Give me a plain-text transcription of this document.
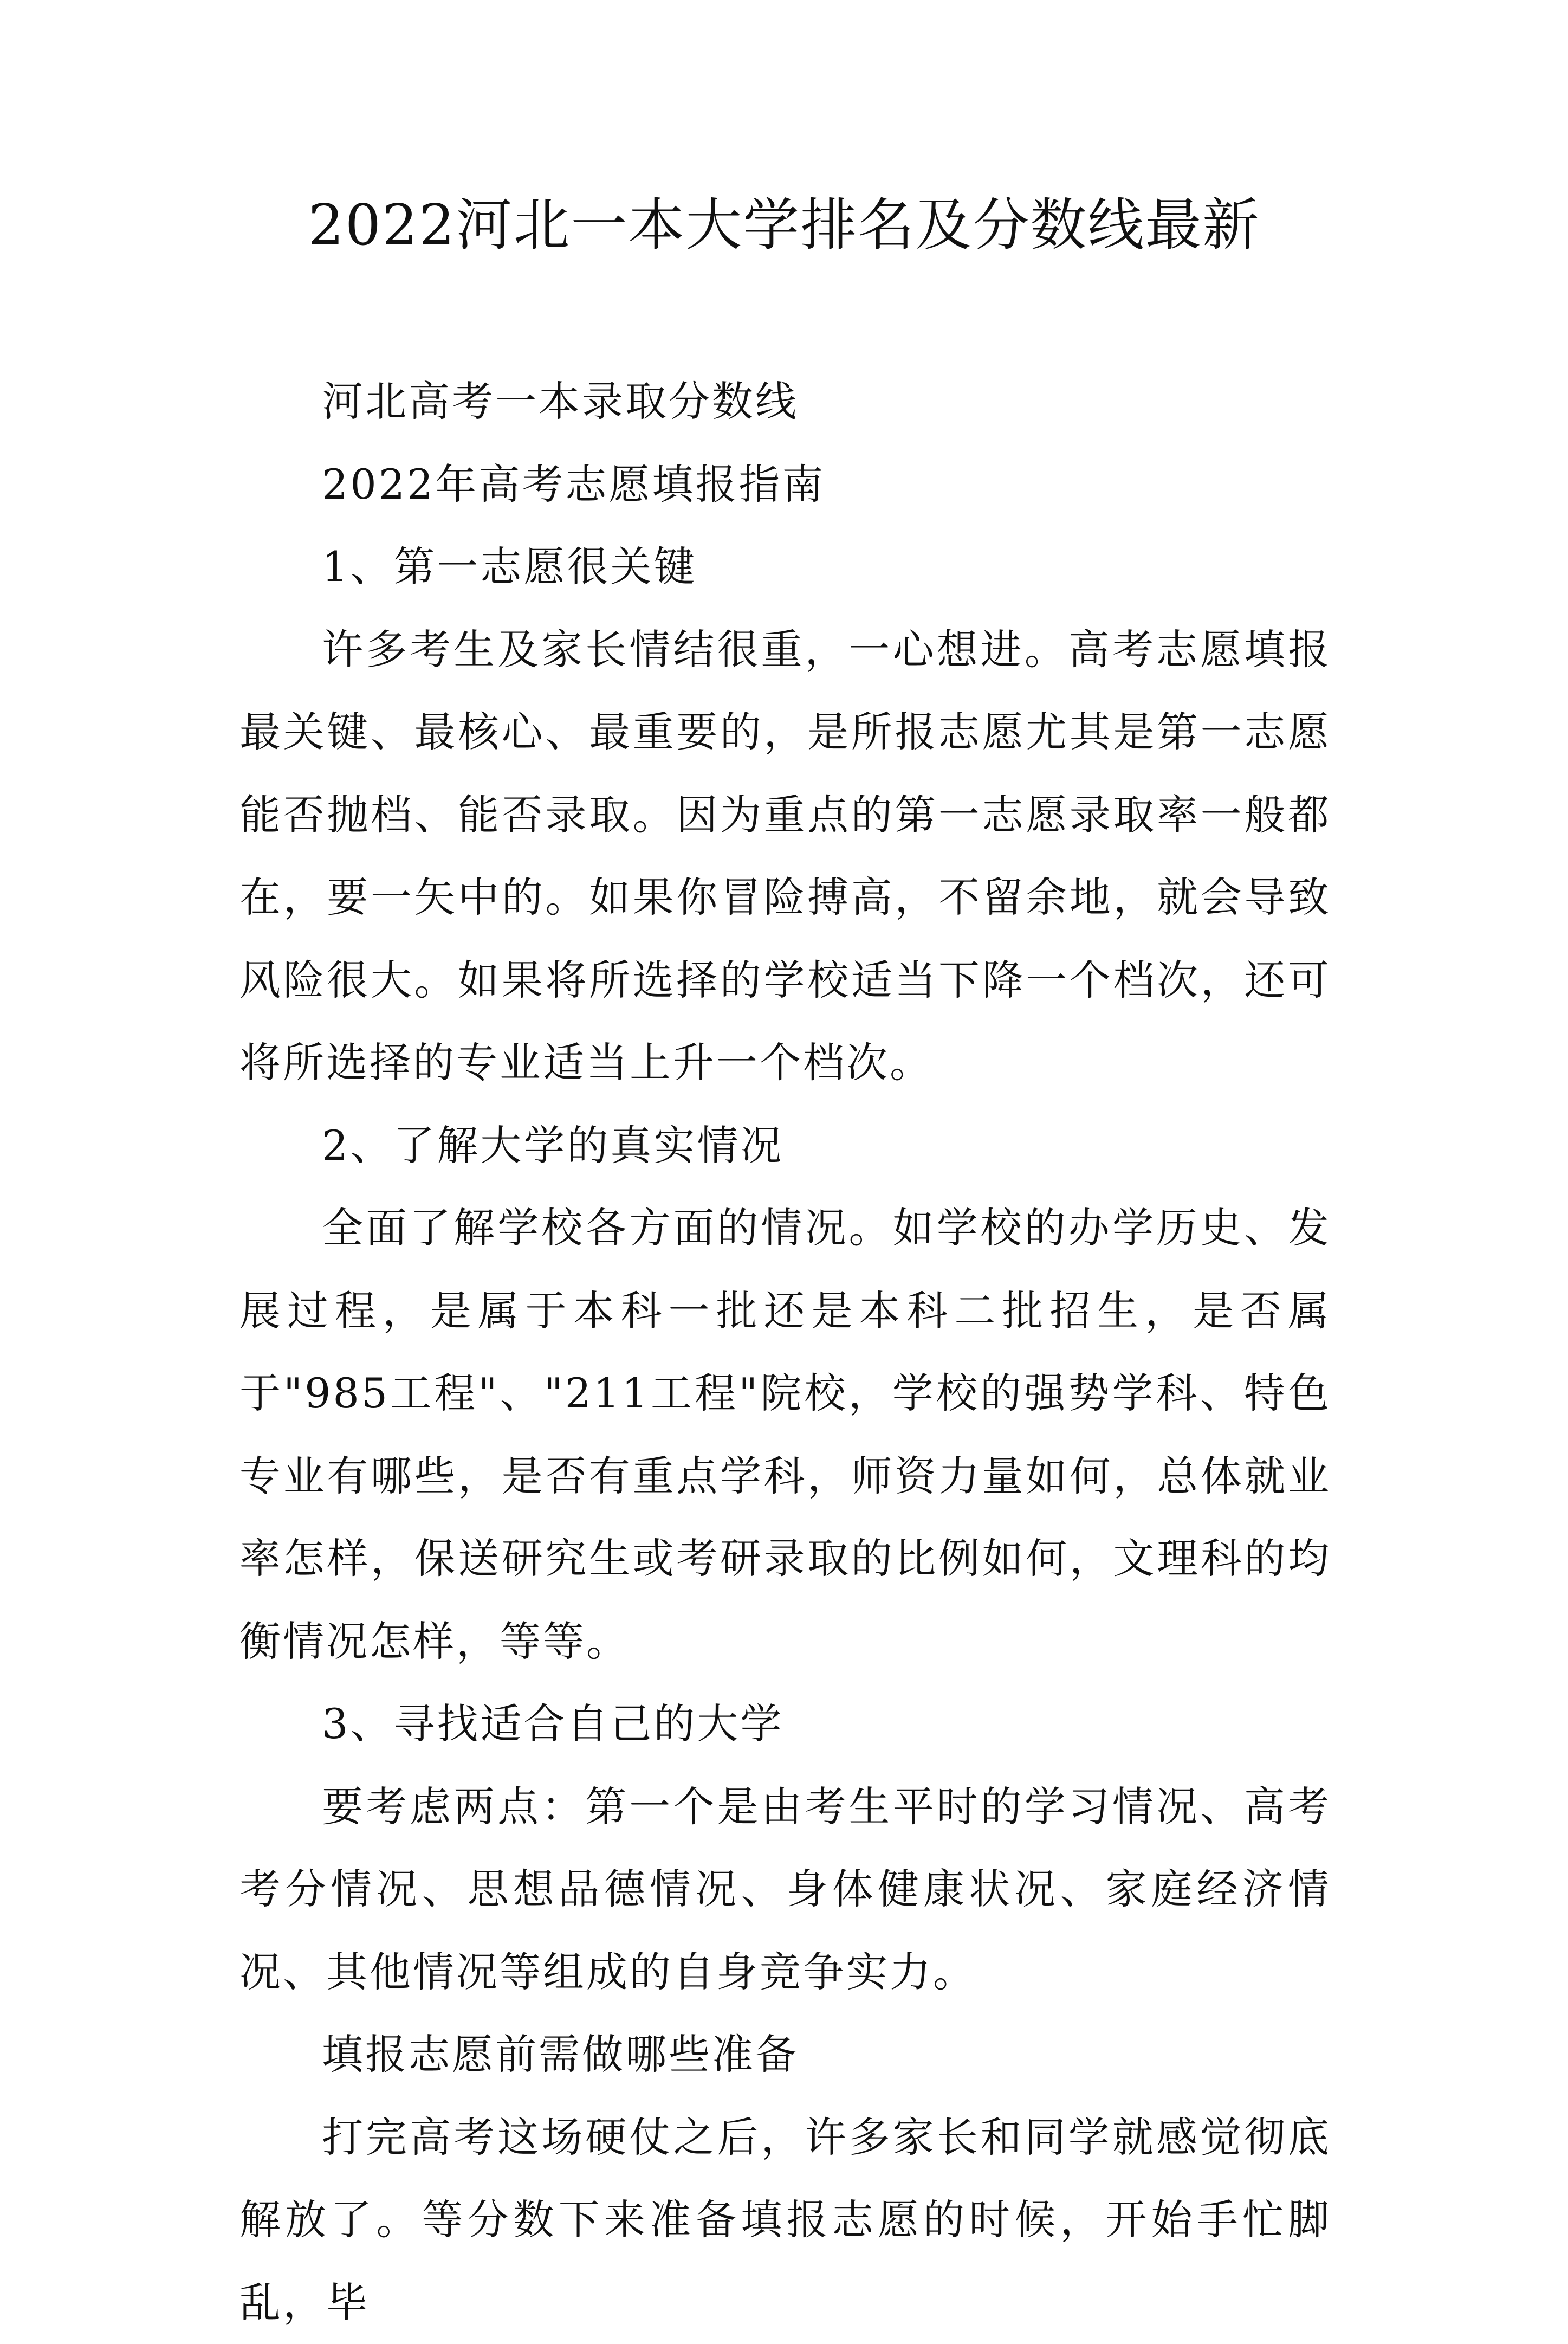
2022河北一本大学排名及分数线最新

河北高考一本录取分数线

2022年高考志愿填报指南

1、第一志愿很关键

许多考生及家长情结很重，一心想进。高考志愿填报最关键、最核心、最重要的，是所报志愿尤其是第一志愿能否抛档、能否录取。因为重点的第一志愿录取率一般都在，要一矢中的。如果你冒险搏高，不留余地，就会导致风险很大。如果将所选择的学校适当下降一个档次，还可将所选择的专业适当上升一个档次。

2、了解大学的真实情况

全面了解学校各方面的情况。如学校的办学历史、发展过程，是属于本科一批还是本科二批招生，是否属于"985工程"、"211工程"院校，学校的强势学科、特色专业有哪些，是否有重点学科，师资力量如何，总体就业率怎样，保送研究生或考研录取的比例如何，文理科的均衡情况怎样，等等。

3、寻找适合自己的大学

要考虑两点：第一个是由考生平时的学习情况、高考考分情况、思想品德情况、身体健康状况、家庭经济情况、其他情况等组成的自身竞争实力。

填报志愿前需做哪些准备

打完高考这场硬仗之后，许多家长和同学就感觉彻底解放了。等分数下来准备填报志愿的时候，开始手忙脚乱，毕
